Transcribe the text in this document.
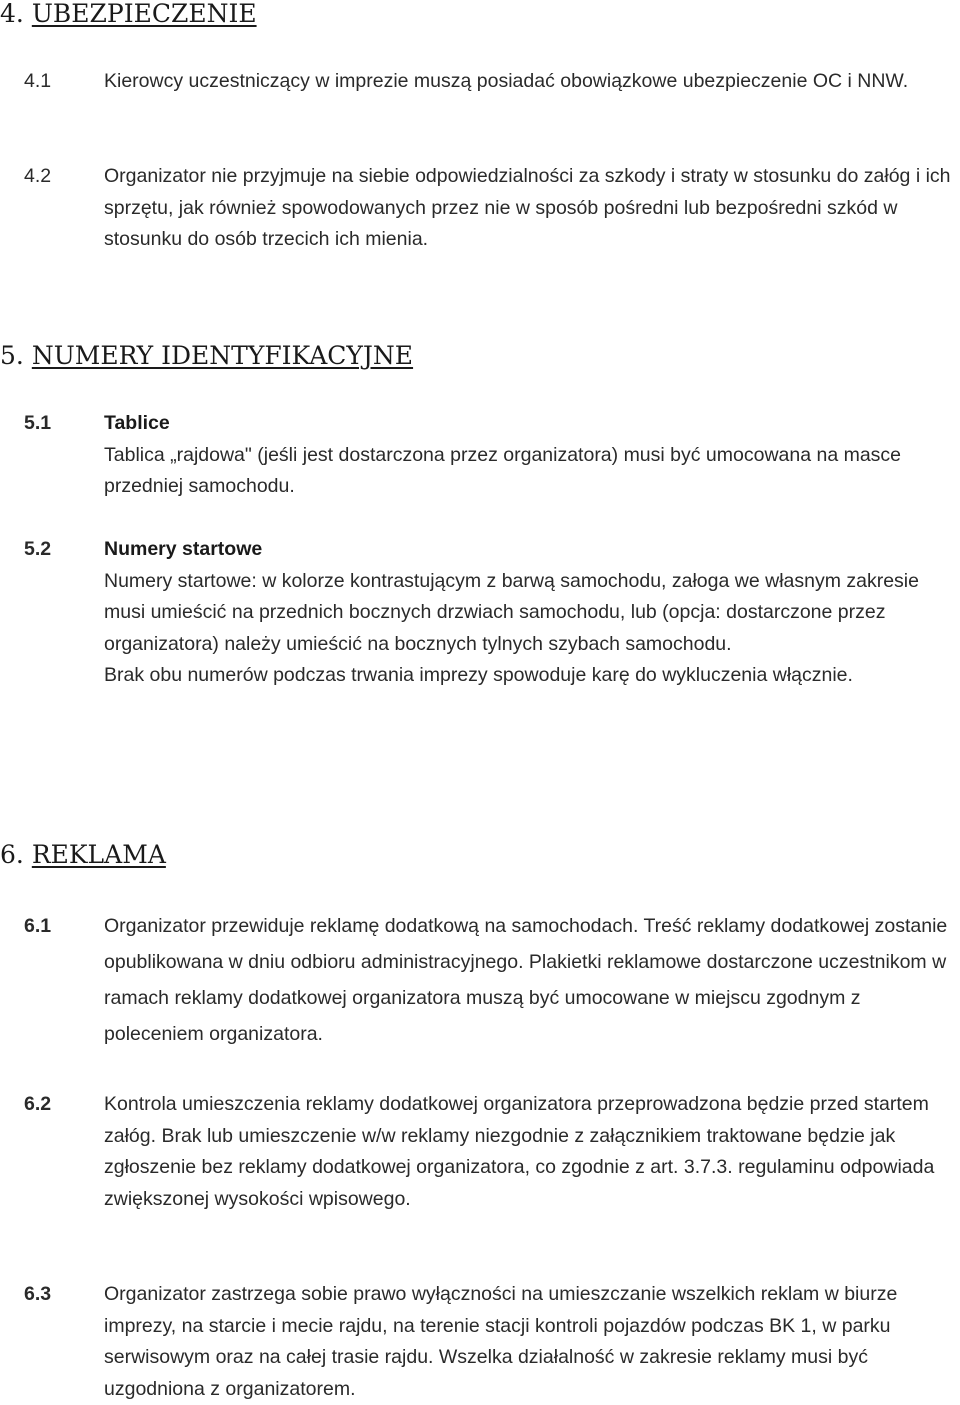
4. UBEZPIECZENIE
4.1	Kierowcy uczestniczący w imprezie muszą posiadać obowiązkowe ubezpieczenie OC i NNW.
4.2	Organizator nie przyjmuje na siebie odpowiedzialności za szkody i straty w stosunku do załóg i ich sprzętu, jak również spowodowanych przez nie w sposób pośredni lub bezpośredni szkód w stosunku do osób trzecich ich mienia.
5. NUMERY IDENTYFIKACYJNE
5.1	Tablice

Tablica „rajdowa" (jeśli jest dostarczona przez organizatora) musi być umocowana na masce przedniej samochodu.

5.2	Numery startowe

Numery startowe: w kolorze kontrastującym z barwą samochodu, załoga we własnym zakresie musi umieścić na przednich bocznych drzwiach samochodu, lub (opcja: dostarczone przez organizatora) należy umieścić na bocznych tylnych szybach samochodu.

Brak obu numerów podczas trwania imprezy spowoduje karę do wykluczenia włącznie.

6. REKLAMA
6.1	Organizator przewiduje reklamę dodatkową na samochodach. Treść reklamy dodatkowej zostanie opublikowana w dniu odbioru administracyjnego. Plakietki reklamowe dostarczone uczestnikom w ramach reklamy dodatkowej organizatora muszą być umocowane w miejscu zgodnym z poleceniem organizatora.
6.2	Kontrola umieszczenia reklamy dodatkowej organizatora przeprowadzona będzie przed startem załóg. Brak lub umieszczenie w/w reklamy niezgodnie z załącznikiem traktowane będzie jak zgłoszenie bez reklamy dodatkowej organizatora, co zgodnie z art. 3.7.3. regulaminu odpowiada zwiększonej wysokości wpisowego.
6.3	Organizator zastrzega sobie prawo wyłączności na umieszczanie wszelkich reklam w biurze imprezy, na starcie i mecie rajdu, na terenie stacji kontroli pojazdów podczas BK 1, w parku serwisowym oraz na całej trasie rajdu. Wszelka działalność w zakresie reklamy musi być uzgodniona z organizatorem.
